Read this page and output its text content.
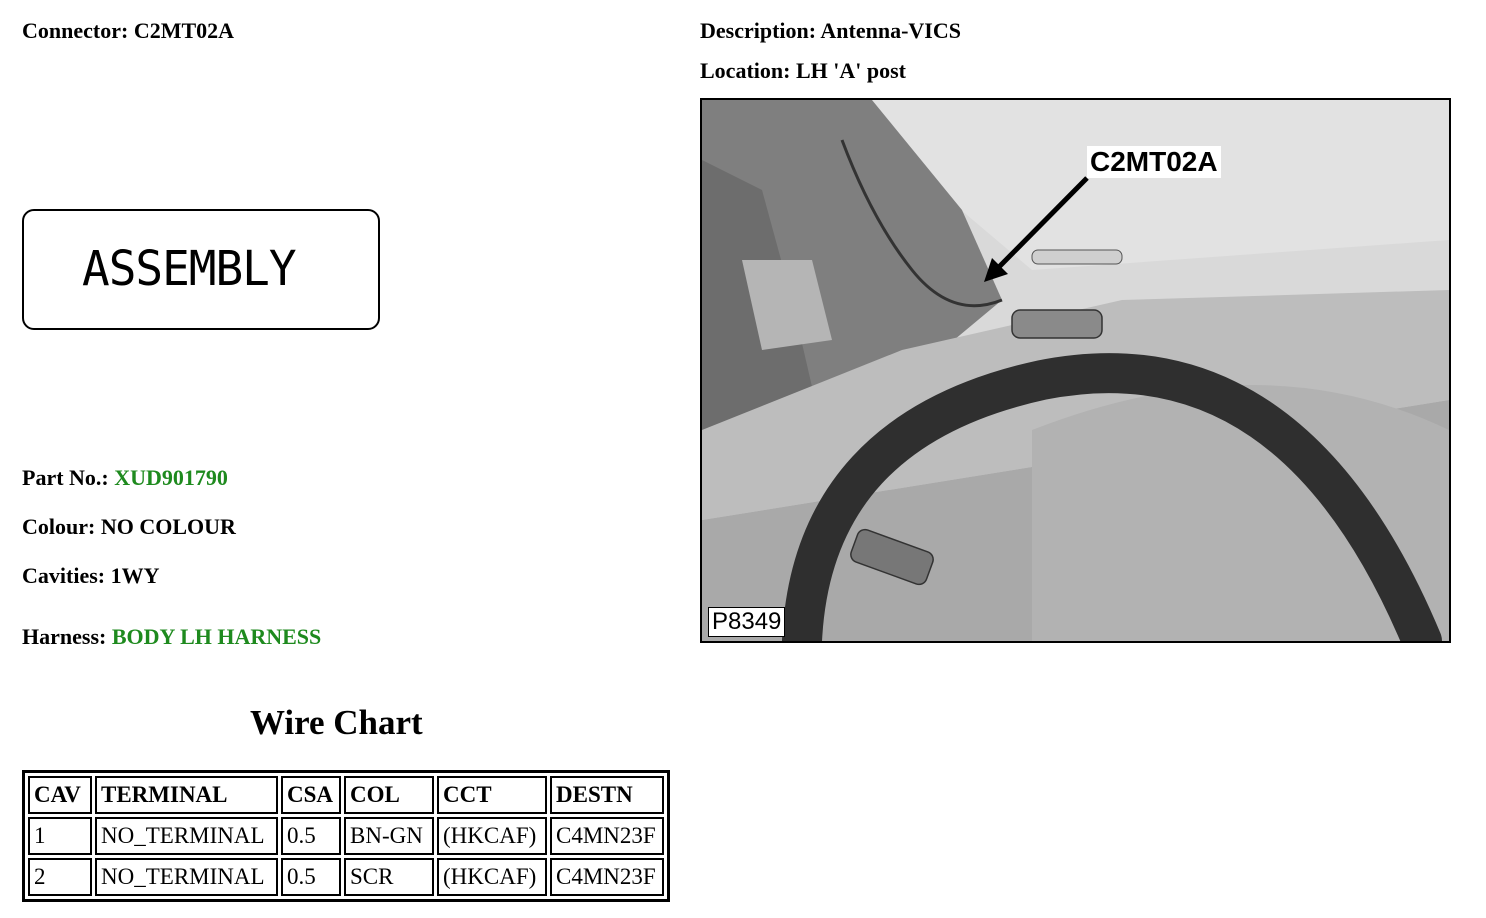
Connector: C2MT02A	Description: Antenna-VICS
Location: LH 'A' post
ASSEMBLY
Part No.: XUD901790
Colour: NO COLOUR
Cavities: 1WY
Harness: BODY LH HARNESS
Wire Chart
CAV	TERMINAL	CSA	COL	CCT	DESTN
1	NO_TERMINAL	0.5	BN-GN	(HKCAF)	C4MN23F
2	NO_TERMINAL	0.5	SCR	(HKCAF)	C4MN23F
C2MT02A
P8349
